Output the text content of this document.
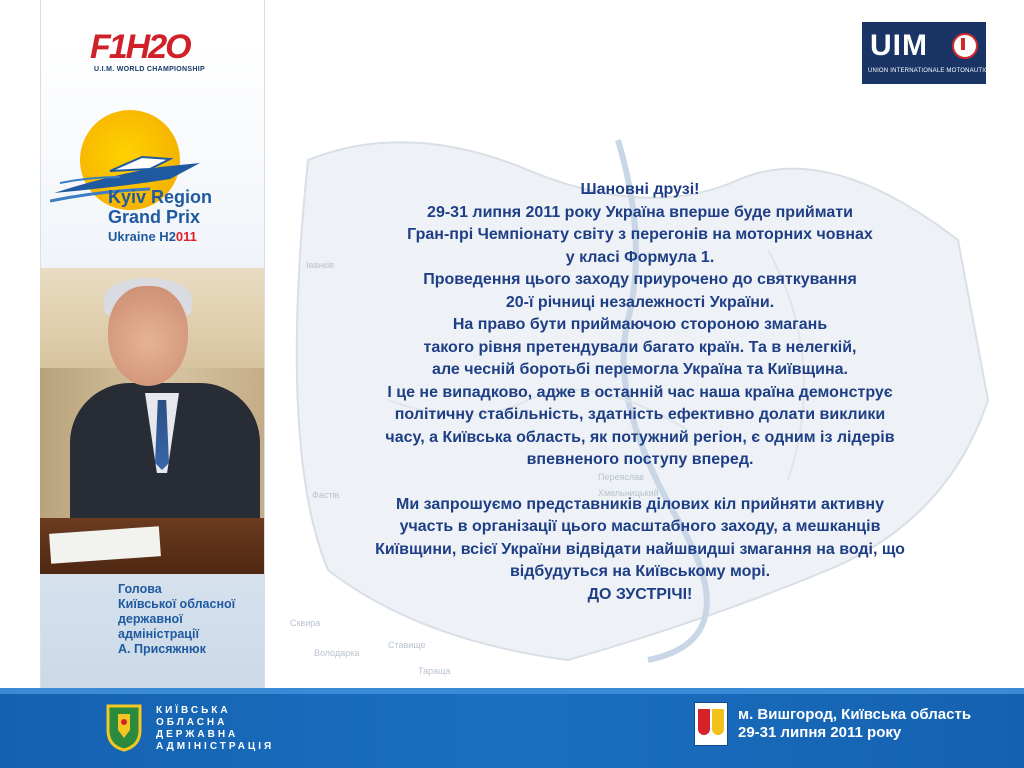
Іванків
Фастів
Сквира
Володарка
Тараща
Переяслав
Хмельницький
Ставище
F1H2O
U.I.M. WORLD CHAMPIONSHIP
UIM
UNION INTERNATIONALE MOTONAUTIQUE
Kyiv Region
Grand Prix
Ukraine H2011
Голова
Київської обласної
державної
адміністрації
А. Присяжнюк
Шановні друзі!
29-31 липня 2011 року Україна вперше буде приймати
Гран-прі Чемпіонату світу з перегонів на моторних човнах
у класі Формула 1.
Проведення цього заходу приурочено до святкування
20-ї річниці незалежності України.
На право бути приймаючою стороною змагань
такого рівня претендували багато країн. Та в нелегкій,
але чесній боротьбі перемогла Україна та Київщина.
І це не випадково, адже в останній час наша країна демонструє
політичну стабільність, здатність ефективно долати виклики
часу, а Київська область, як потужний регіон, є одним із лідерів
впевненого поступу вперед.
Ми запрошуємо представників ділових кіл прийняти активну
участь в організації цього масштабного заходу, а мешканців
Київщини, всієї України відвідати найшвидші змагання на воді, що
відбудуться на Київському морі.
ДО ЗУСТРІЧІ!
КИЇВСЬКА
ОБЛАСНА
ДЕРЖАВНА
АДМІНІСТРАЦІЯ
м. Вишгород, Київська область
29-31 липня 2011 року
